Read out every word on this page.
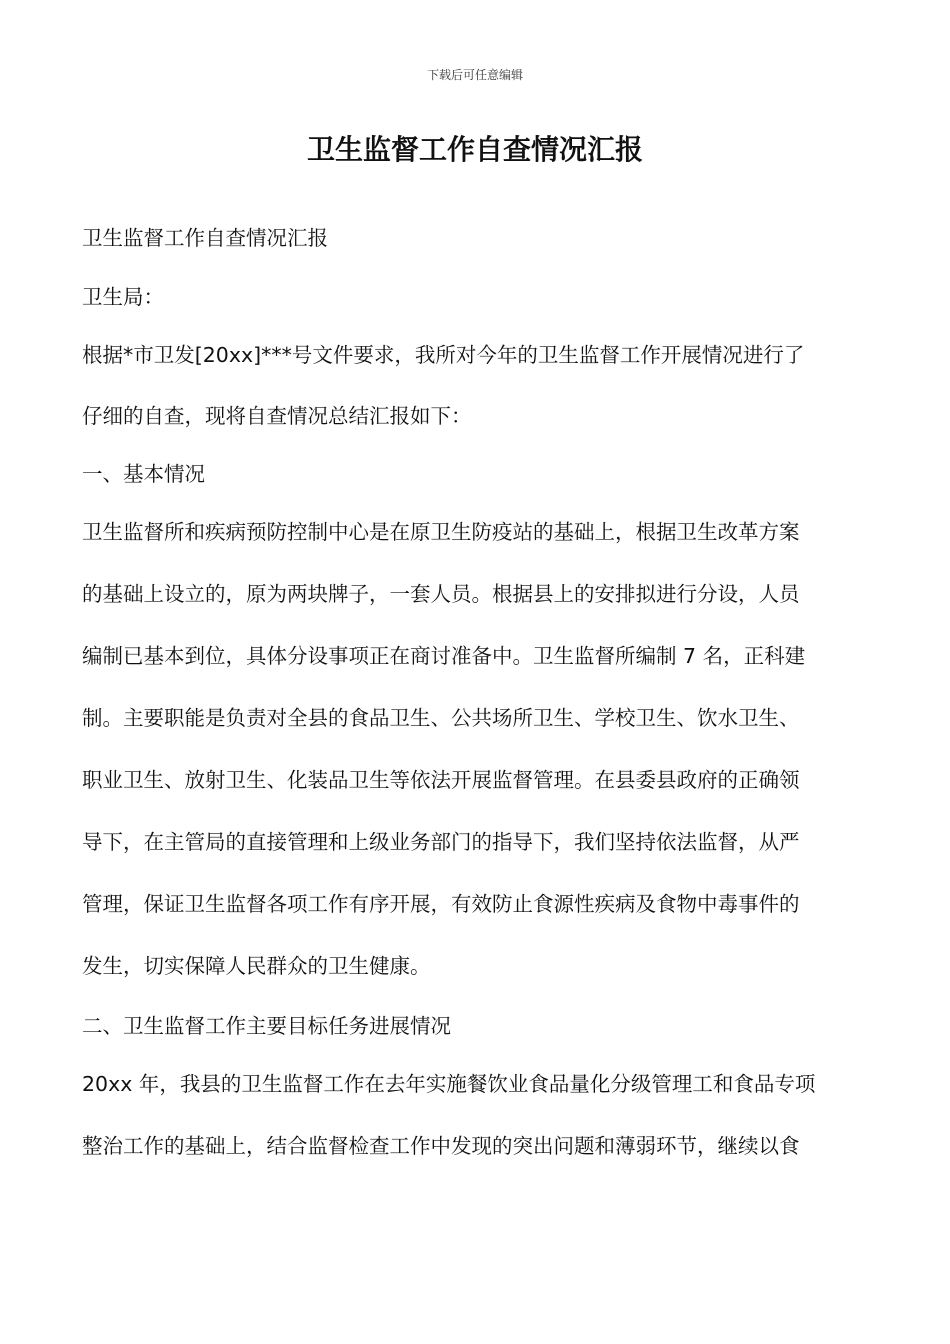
下载后可任意编辑
卫生监督工作自查情况汇报
卫生监督工作自查情况汇报
卫生局：
根据*市卫发[20xx]***号文件要求，我所对今年的卫生监督工作开展情况进行了
仔细的自查，现将自查情况总结汇报如下：
一、基本情况
卫生监督所和疾病预防控制中心是在原卫生防疫站的基础上，根据卫生改革方案
的基础上设立的，原为两块牌子，一套人员。根据县上的安排拟进行分设，人员
编制已基本到位，具体分设事项正在商讨准备中。卫生监督所编制 7 名，正科建
制。主要职能是负责对全县的食品卫生、公共场所卫生、学校卫生、饮水卫生、
职业卫生、放射卫生、化装品卫生等依法开展监督管理。在县委县政府的正确领
导下，在主管局的直接管理和上级业务部门的指导下，我们坚持依法监督，从严
管理，保证卫生监督各项工作有序开展，有效防止食源性疾病及食物中毒事件的
发生，切实保障人民群众的卫生健康。
二、卫生监督工作主要目标任务进展情况
20xx 年，我县的卫生监督工作在去年实施餐饮业食品量化分级管理工和食品专项
整治工作的基础上，结合监督检查工作中发现的突出问题和薄弱环节，继续以食
